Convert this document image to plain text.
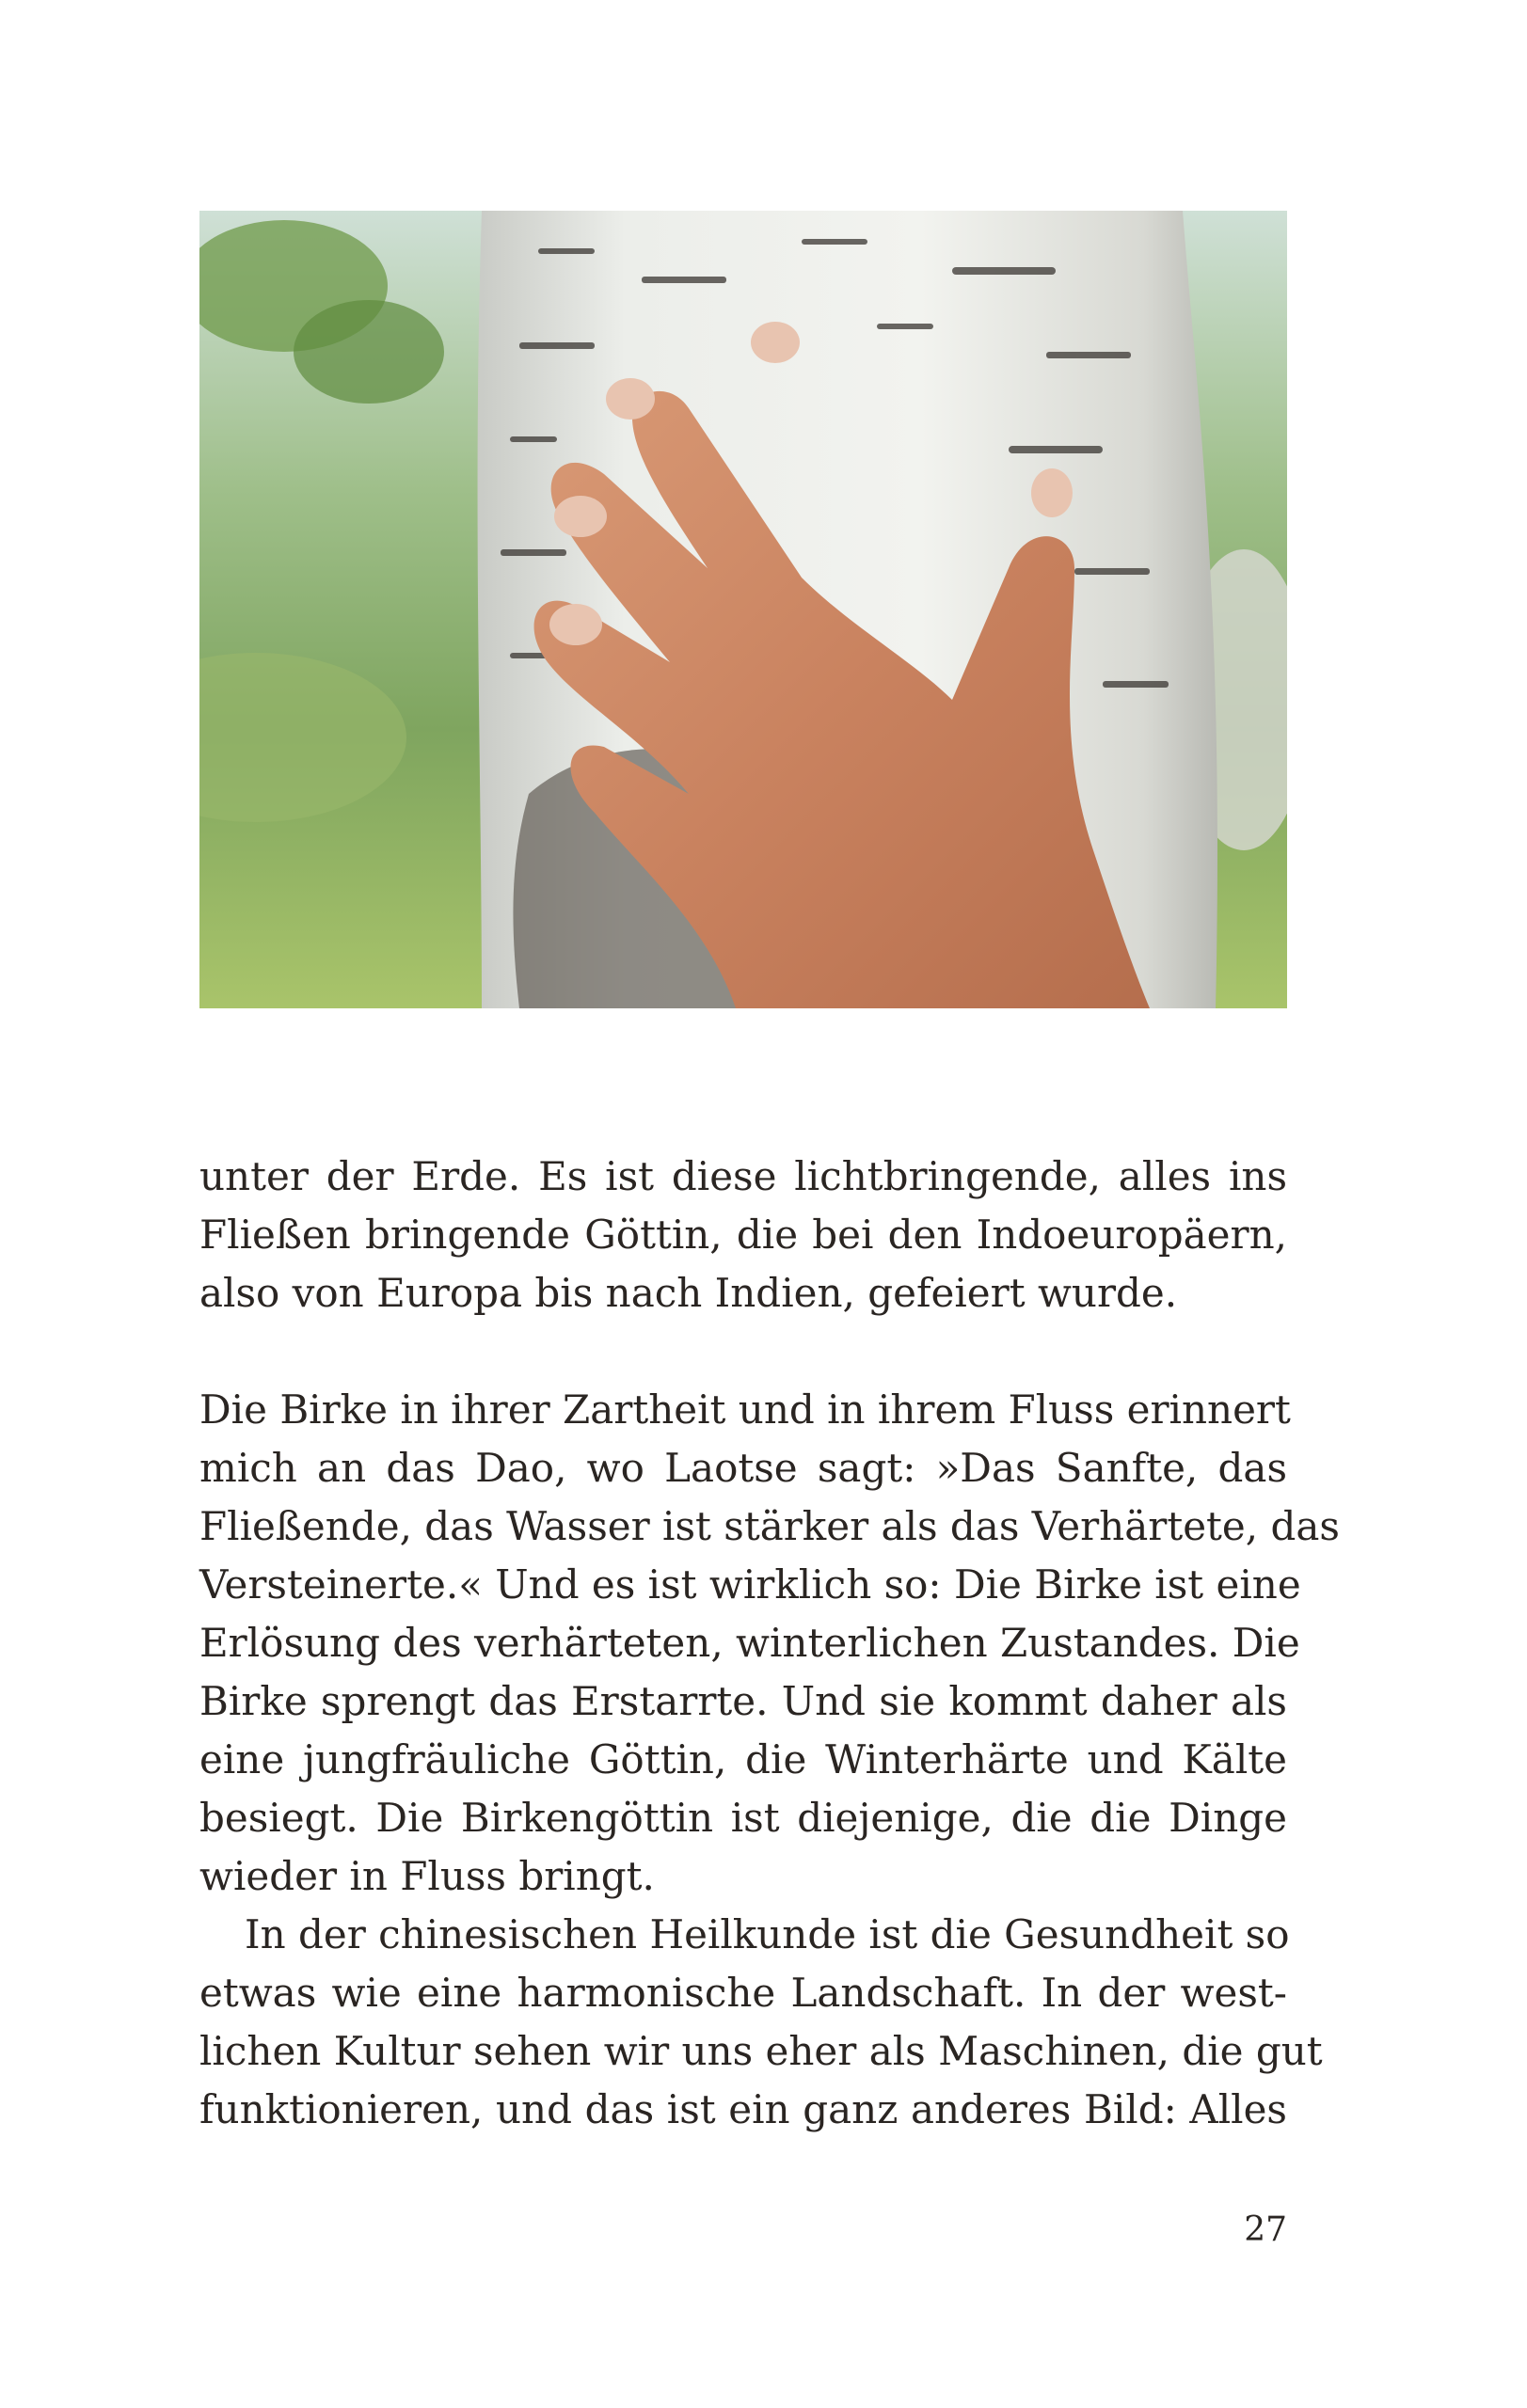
unter der Erde. Es ist diese lichtbringende, alles ins
Fließen bringende Göttin, die bei den Indoeuropäern,
also von Europa bis nach Indien, gefeiert wurde.
Die Birke in ihrer Zartheit und in ihrem Fluss erinnert
mich an das Dao, wo Laotse sagt: »Das Sanfte, das
Fließende, das Wasser ist stärker als das Verhärtete, das
Versteinerte.« Und es ist wirklich so: Die Birke ist eine
Erlösung des verhärteten, winterlichen Zustandes. Die
Birke sprengt das Erstarrte. Und sie kommt daher als
eine jungfräuliche Göttin, die Winterhärte und Kälte
besiegt. Die Birkengöttin ist diejenige, die die Dinge
wieder in Fluss bringt.
In der chinesischen Heilkunde ist die Gesundheit so
etwas wie eine harmonische Landschaft. In der west-
lichen Kultur sehen wir uns eher als Maschinen, die gut
funktionieren, und das ist ein ganz anderes Bild: Alles
27
